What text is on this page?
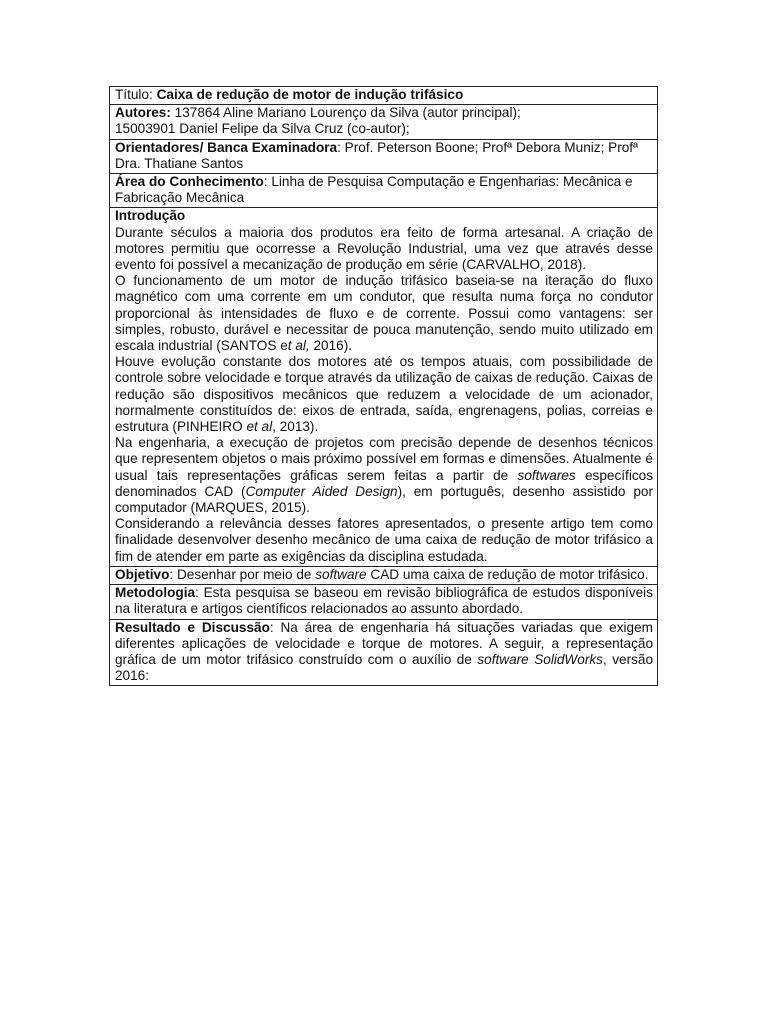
Título: Caixa de redução de motor de indução trifásico
Autores: 137864 Aline Mariano Lourenço da Silva (autor principal);
15003901 Daniel Felipe da Silva Cruz (co-autor);
Orientadores/ Banca Examinadora: Prof. Peterson Boone; Profª Debora Muniz; Profª Dra. Thatiane Santos
Área do Conhecimento: Linha de Pesquisa Computação e Engenharias: Mecânica e Fabricação Mecânica

Introdução

Durante séculos a maioria dos produtos era feito de forma artesanal. A criação de motores permitiu que ocorresse a Revolução Industrial, uma vez que através desse evento foi possível a mecanização de produção em série (CARVALHO, 2018).

O funcionamento de um motor de indução trifásico baseia-se na iteração do fluxo magnético com uma corrente em um condutor, que resulta numa força no condutor proporcional às intensidades de fluxo e de corrente. Possui como vantagens: ser simples, robusto, durável e necessitar de pouca manutenção, sendo muito utilizado em escala industrial (SANTOS et al, 2016).

Houve evolução constante dos motores até os tempos atuais, com possibilidade de controle sobre velocidade e torque através da utilização de caixas de redução. Caixas de redução são dispositivos mecânicos que reduzem a velocidade de um acionador, normalmente constituídos de: eixos de entrada, saída, engrenagens, polias, correias e estrutura (PINHEIRO et al, 2013).

Na engenharia, a execução de projetos com precisão depende de desenhos técnicos que representem objetos o mais próximo possível em formas e dimensões. Atualmente é usual tais representações gráficas serem feitas a partir de softwares específicos denominados CAD (Computer Aided Design), em português, desenho assistido por computador (MARQUES, 2015).

Considerando a relevância desses fatores apresentados, o presente artigo tem como finalidade desenvolver desenho mecânico de uma caixa de redução de motor trifásico a fim de atender em parte as exigências da disciplina estudada.

Objetivo: Desenhar por meio de software CAD uma caixa de redução de motor trifásico.
Metodologia: Esta pesquisa se baseou em revisão bibliográfica de estudos disponíveis na literatura e artigos científicos relacionados ao assunto abordado.
Resultado e Discussão: Na área de engenharia há situações variadas que exigem diferentes aplicações de velocidade e torque de motores. A seguir, a representação gráfica de um motor trifásico construído com o auxílio de software SolidWorks, versão 2016:
